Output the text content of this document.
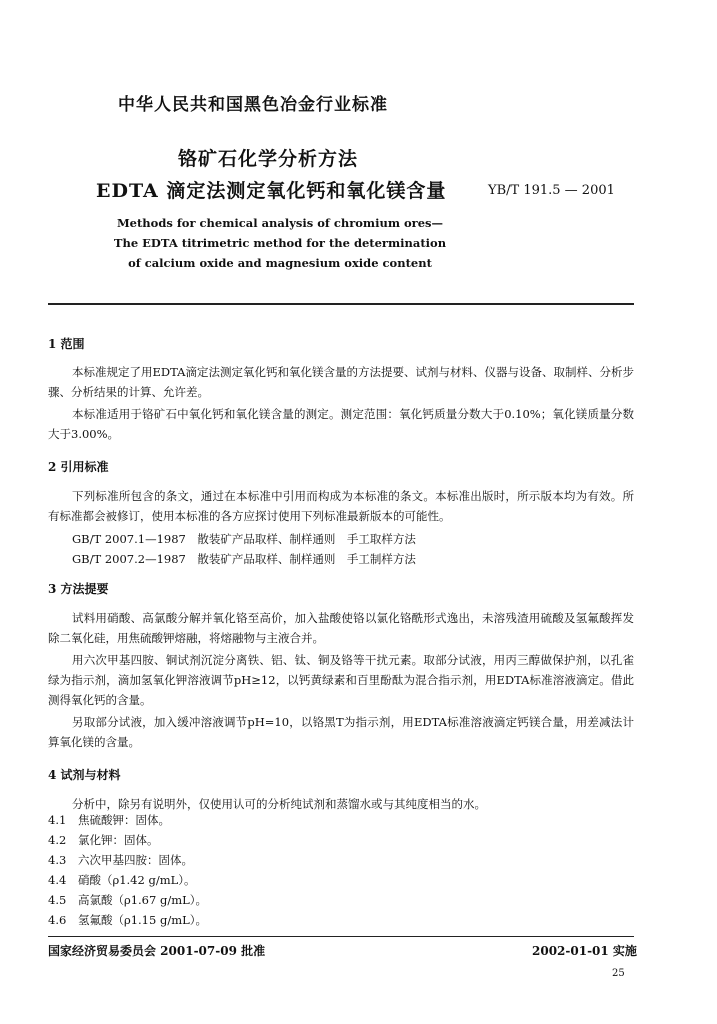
中华人民共和国黑色冶金行业标准
铬矿石化学分析方法
EDTA 滴定法测定氧化钙和氧化镁含量	YB/T 191.5 — 2001
Methods for chemical analysis of chromium ores—
The EDTA titrimetric method for the determination
of calcium oxide and magnesium oxide content
1 范围
本标准规定了用EDTA滴定法测定氧化钙和氧化镁含量的方法提要、试剂与材料、仪器与设备、取制样、分析步骤、分析结果的计算、允许差。
本标准适用于铬矿石中氧化钙和氧化镁含量的测定。测定范围：氧化钙质量分数大于0.10%；氧化镁质量分数大于3.00%。
2 引用标准
下列标准所包含的条文，通过在本标准中引用而构成为本标准的条文。本标准出版时，所示版本均为有效。所有标准都会被修订，使用本标准的各方应探讨使用下列标准最新版本的可能性。
GB/T 2007.1—1987　散装矿产品取样、制样通则　手工取样方法
GB/T 2007.2—1987　散装矿产品取样、制样通则　手工制样方法
3 方法提要
试料用硝酸、高氯酸分解并氧化铬至高价，加入盐酸使铬以氯化铬酰形式逸出，未溶残渣用硫酸及氢氟酸挥发除二氧化硅，用焦硫酸钾熔融，将熔融物与主液合并。
用六次甲基四胺、铜试剂沉淀分离铁、铝、钛、铜及铬等干扰元素。取部分试液，用丙三醇做保护剂，以孔雀绿为指示剂，滴加氢氧化钾溶液调节pH≥12，以钙黄绿素和百里酚酞为混合指示剂，用EDTA标准溶液滴定。借此测得氧化钙的含量。
另取部分试液，加入缓冲溶液调节pH=10，以铬黑T为指示剂，用EDTA标准溶液滴定钙镁合量，用差减法计算氧化镁的含量。
4 试剂与材料
分析中，除另有说明外，仅使用认可的分析纯试剂和蒸馏水或与其纯度相当的水。
4.1 焦硫酸钾：固体。
4.2 氯化钾：固体。
4.3 六次甲基四胺：固体。
4.4 硝酸（ρ1.42 g/mL）。
4.5 高氯酸（ρ1.67 g/mL）。
4.6 氢氟酸（ρ1.15 g/mL）。
国家经济贸易委员会 2001-07-09 批准	2002-01-01 实施
25
